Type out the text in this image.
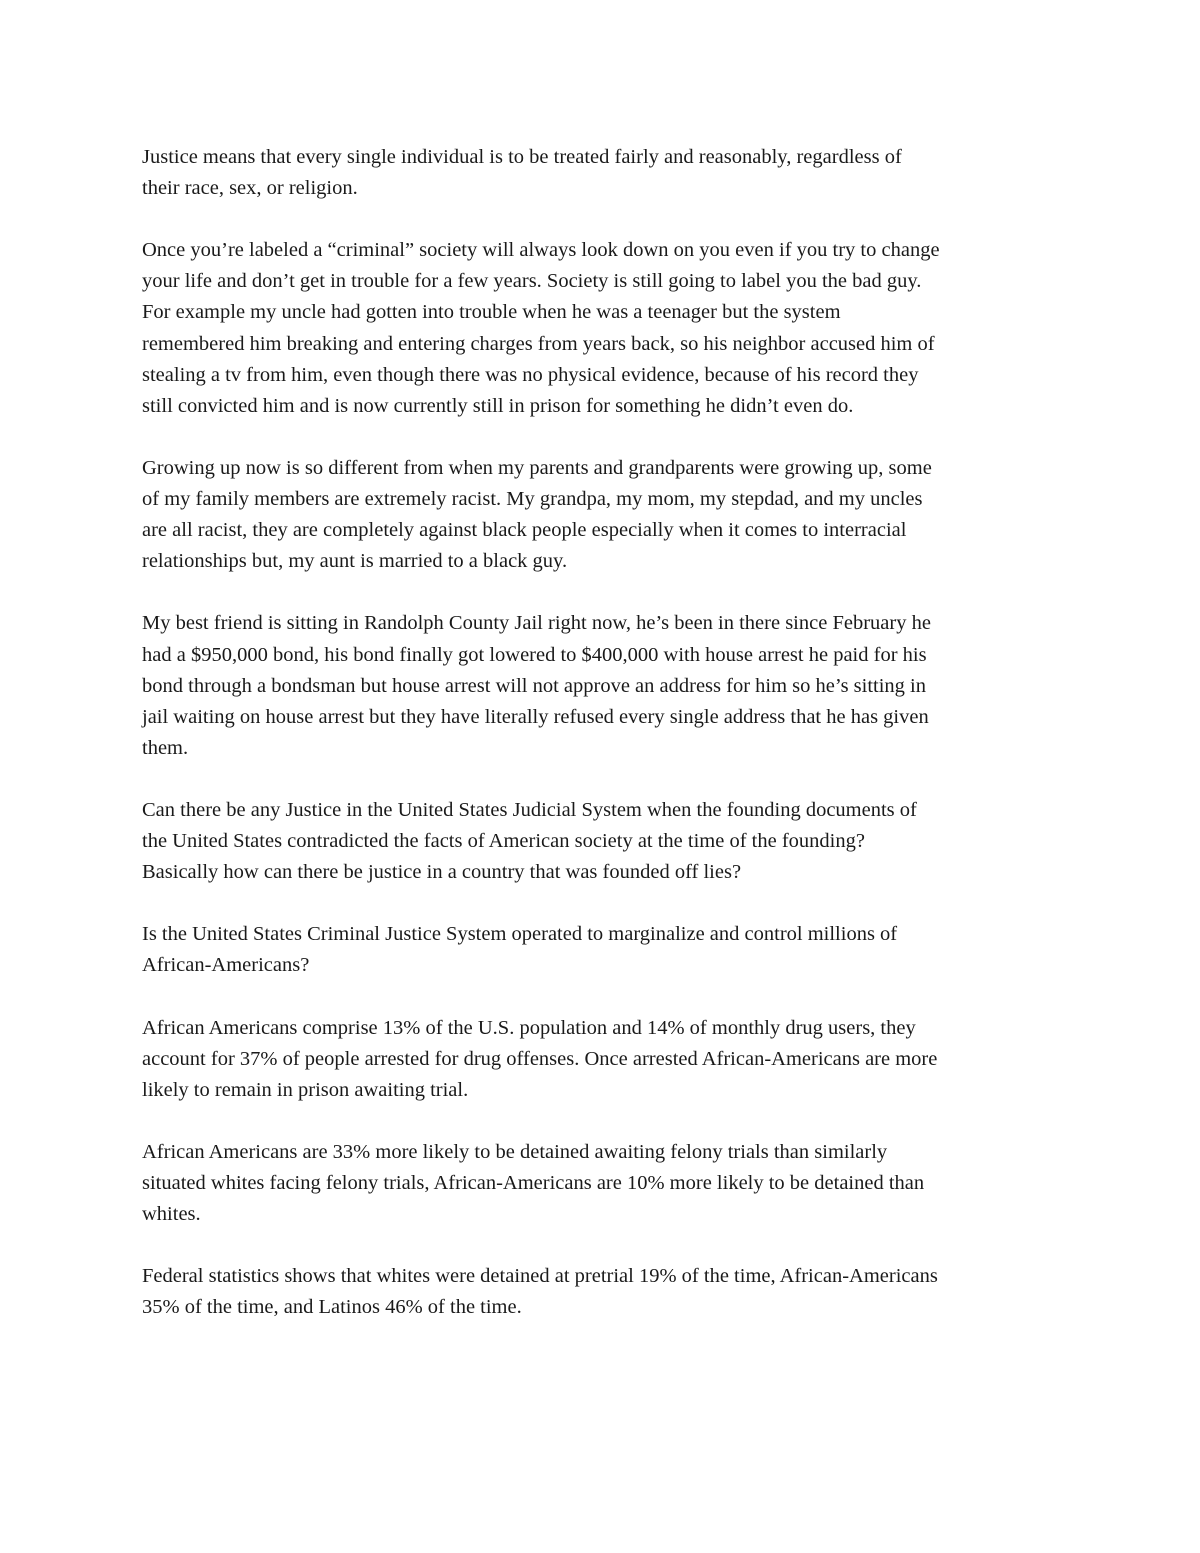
Justice means that every single individual is to be treated fairly and reasonably, regardless of
their race, sex, or religion.

Once you’re labeled a “criminal” society will always look down on you even if you try to change
your life and don’t get in trouble for a few years. Society is still going to label you the bad guy.
For example my uncle had gotten into trouble when he was a teenager but the system
remembered him breaking and entering charges from years back, so his neighbor accused him of
stealing a tv from him, even though there was no physical evidence, because of his record they
still convicted him and is now currently still in prison for something he didn’t even do.

Growing up now is so different from when my parents and grandparents were growing up, some
of my family members are extremely racist. My grandpa, my mom, my stepdad, and my uncles
are all racist, they are completely against black people especially when it comes to interracial
relationships but, my aunt is married to a black guy.

My best friend is sitting in Randolph County Jail right now, he’s been in there since February he
had a $950,000 bond, his bond finally got lowered to $400,000 with house arrest he paid for his
bond through a bondsman but house arrest will not approve an address for him so he’s sitting in
jail waiting on house arrest but they have literally refused every single address that he has given
them.

Can there be any Justice in the United States Judicial System when the founding documents of
the United States contradicted the facts of American society at the time of the founding?
Basically how can there be justice in a country that was founded off lies?

Is the United States Criminal Justice System operated to marginalize and control millions of
African-Americans?

African Americans comprise 13% of the U.S. population and 14% of monthly drug users, they
account for 37% of people arrested for drug offenses. Once arrested African-Americans are more
likely to remain in prison awaiting trial.

African Americans are 33% more likely to be detained awaiting felony trials than similarly
situated whites facing felony trials, African-Americans are 10% more likely to be detained than
whites.

Federal statistics shows that whites were detained at pretrial 19% of the time, African-Americans
35% of the time, and Latinos 46% of the time.
